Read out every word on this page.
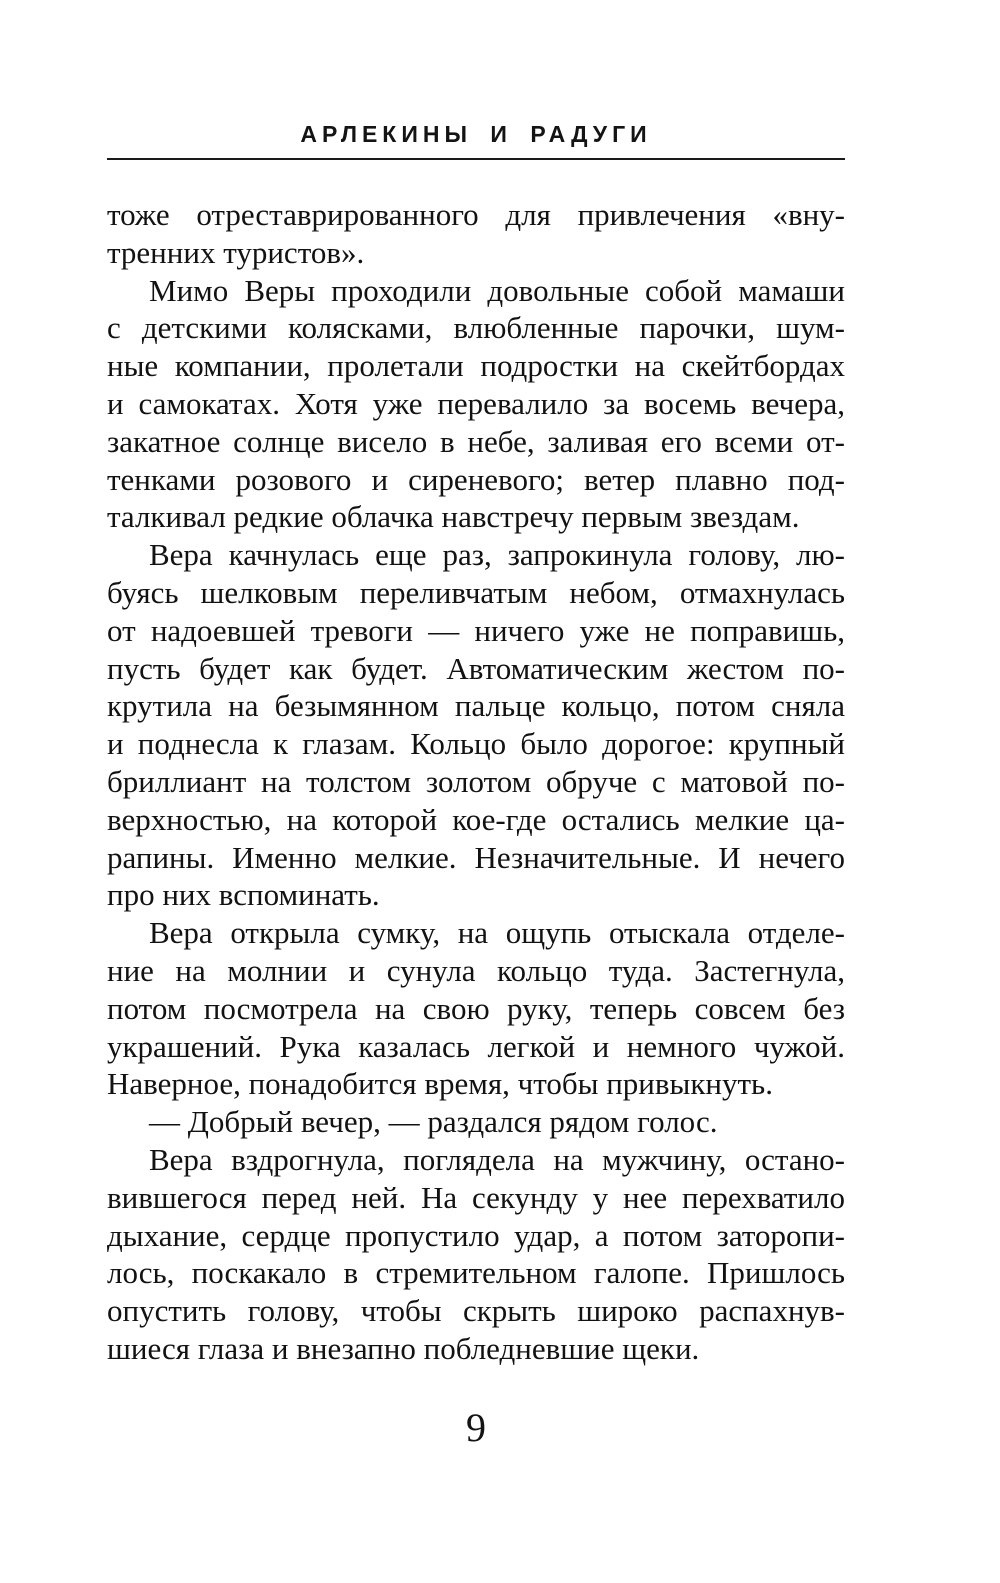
АРЛЕКИНЫ И РАДУГИ
тоже отреставрированного для привлечения «вну-
тренних туристов».
Мимо Веры проходили довольные собой мамаши
с детскими колясками, влюбленные парочки, шум-
ные компании, пролетали подростки на скейтбордах
и самокатах. Хотя уже перевалило за восемь вечера,
закатное солнце висело в небе, заливая его всеми от-
тенками розового и сиреневого; ветер плавно под-
талкивал редкие облачка навстречу первым звездам.
Вера качнулась еще раз, запрокинула голову, лю-
буясь шелковым переливчатым небом, отмахнулась
от надоевшей тревоги — ничего уже не поправишь,
пусть будет как будет. Автоматическим жестом по-
крутила на безымянном пальце кольцо, потом сняла
и поднесла к глазам. Кольцо было дорогое: крупный
бриллиант на толстом золотом обруче с матовой по-
верхностью, на которой кое-где остались мелкие ца-
рапины. Именно мелкие. Незначительные. И нечего
про них вспоминать.
Вера открыла сумку, на ощупь отыскала отделе-
ние на молнии и сунула кольцо туда. Застегнула,
потом посмотрела на свою руку, теперь совсем без
украшений. Рука казалась легкой и немного чужой.
Наверное, понадобится время, чтобы привыкнуть.
— Добрый вечер, — раздался рядом голос.
Вера вздрогнула, поглядела на мужчину, остано-
вившегося перед ней. На секунду у нее перехватило
дыхание, сердце пропустило удар, а потом заторопи-
лось, поскакало в стремительном галопе. Пришлось
опустить голову, чтобы скрыть широко распахнув-
шиеся глаза и внезапно побледневшие щеки.
9
